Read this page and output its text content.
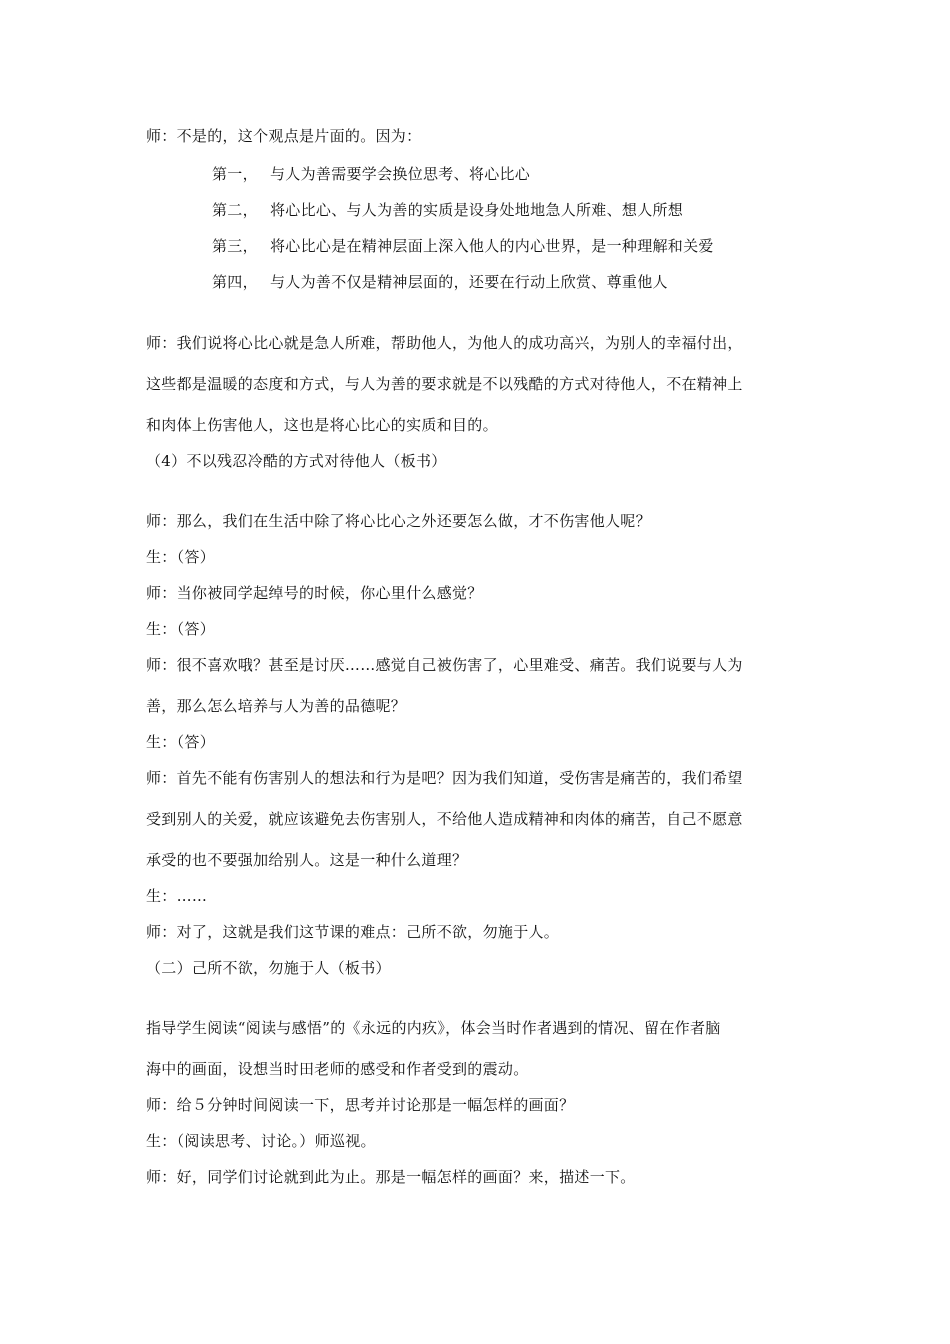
师：不是的，这个观点是片面的。因为：
第一， 与人为善需要学会换位思考、将心比心
第二， 将心比心、与人为善的实质是设身处地地急人所难、想人所想
第三， 将心比心是在精神层面上深入他人的内心世界，是一种理解和关爱
第四， 与人为善不仅是精神层面的，还要在行动上欣赏、尊重他人
师：我们说将心比心就是急人所难，帮助他人，为他人的成功高兴，为别人的幸福付出，
这些都是温暖的态度和方式，与人为善的要求就是不以残酷的方式对待他人，不在精神上
和肉体上伤害他人，这也是将心比心的实质和目的。
（4）不以残忍冷酷的方式对待他人（板书）
师：那么，我们在生活中除了将心比心之外还要怎么做，才不伤害他人呢？
生：（答）
师：当你被同学起绰号的时候，你心里什么感觉？
生：（答）
师：很不喜欢哦？甚至是讨厌……感觉自己被伤害了，心里难受、痛苦。我们说要与人为
善，那么怎么培养与人为善的品德呢？
生：（答）
师：首先不能有伤害别人的想法和行为是吧？因为我们知道，受伤害是痛苦的，我们希望
受到别人的关爱，就应该避免去伤害别人，不给他人造成精神和肉体的痛苦，自己不愿意
承受的也不要强加给别人。这是一种什么道理？
生：……
师：对了，这就是我们这节课的难点：己所不欲，勿施于人。
（二）己所不欲，勿施于人（板书）
指导学生阅读“阅读与感悟”的《永远的内疚》，体会当时作者遇到的情况、留在作者脑
海中的画面，设想当时田老师的感受和作者受到的震动。
师：给５分钟时间阅读一下，思考并讨论那是一幅怎样的画面？
生：（阅读思考、讨论。）师巡视。
师：好，同学们讨论就到此为止。那是一幅怎样的画面？来，描述一下。
